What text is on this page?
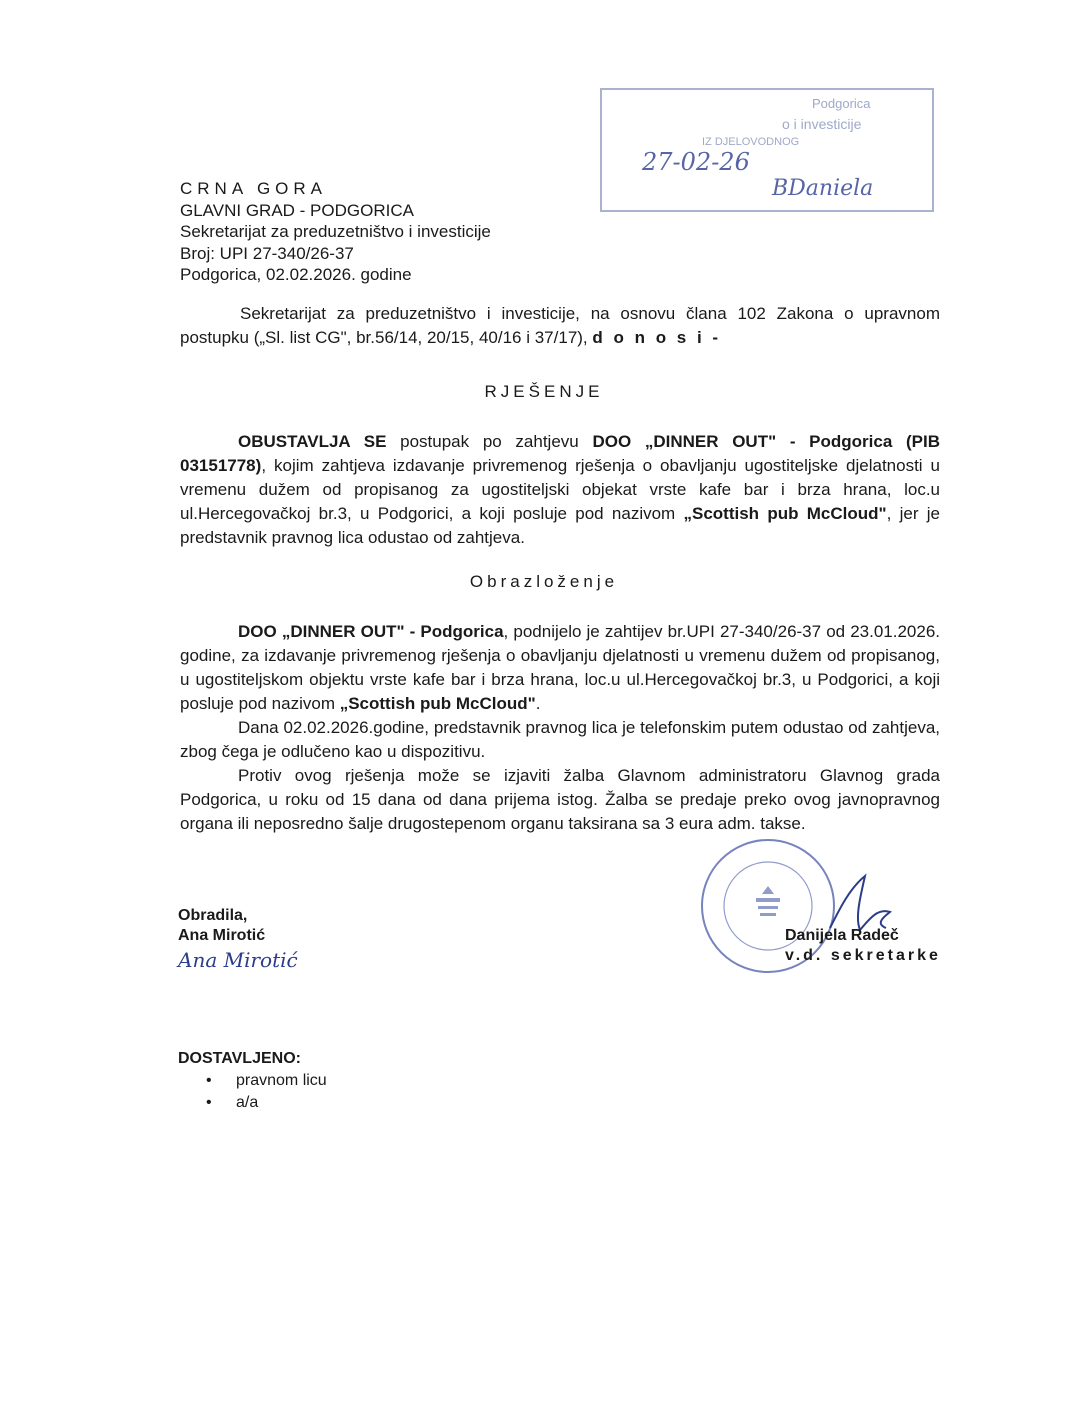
Podgorica
o i investicije
IZ DJELOVODNOG
27-02-26
BDaniela
CRNA GORA
GLAVNI GRAD - PODGORICA
Sekretarijat za preduzetništvo i investicije
Broj: UPI 27-340/26-37
Podgorica, 02.02.2026. godine
Sekretarijat za preduzetništvo i investicije, na osnovu člana 102 Zakona o upravnom postupku („Sl. list CG", br.56/14, 20/15, 40/16 i 37/17), d o n o s i -
RJEŠENJE

OBUSTAVLJA SE postupak po zahtjevu DOO „DINNER OUT" - Podgorica (PIB 03151778), kojim zahtjeva izdavanje privremenog rješenja o obavljanju ugostiteljske djelatnosti u vremenu dužem od propisanog za ugostiteljski objekat vrste kafe bar i brza hrana, loc.u ul.Hercegovačkoj br.3, u Podgorici, a koji posluje pod nazivom „Scottish pub McCloud", jer je predstavnik pravnog lica odustao od zahtjeva.

Obrazloženje

DOO „DINNER OUT" - Podgorica, podnijelo je zahtijev br.UPI 27-340/26-37 od 23.01.2026. godine, za izdavanje privremenog rješenja o obavljanju djelatnosti u vremenu dužem od propisanog, u ugostiteljskom objektu vrste kafe bar i brza hrana, loc.u ul.Hercegovačkoj br.3, u Podgorici, a koji posluje pod nazivom „Scottish pub McCloud".

Dana 02.02.2026.godine, predstavnik pravnog lica je telefonskim putem odustao od zahtjeva, zbog čega je odlučeno kao u dispozitivu.

Protiv ovog rješenja može se izjaviti žalba Glavnom administratoru Glavnog grada Podgorica, u roku od 15 dana od dana prijema istog. Žalba se predaje preko ovog javnopravnog organa ili neposredno šalje drugostepenom organu taksirana sa 3 eura adm. takse.

Obradila,
Ana Mirotić
Ana Mirotić
Danijela Radeč
v.d. sekretarke
DOSTAVLJENO:
• pravnom licu
• a/a
